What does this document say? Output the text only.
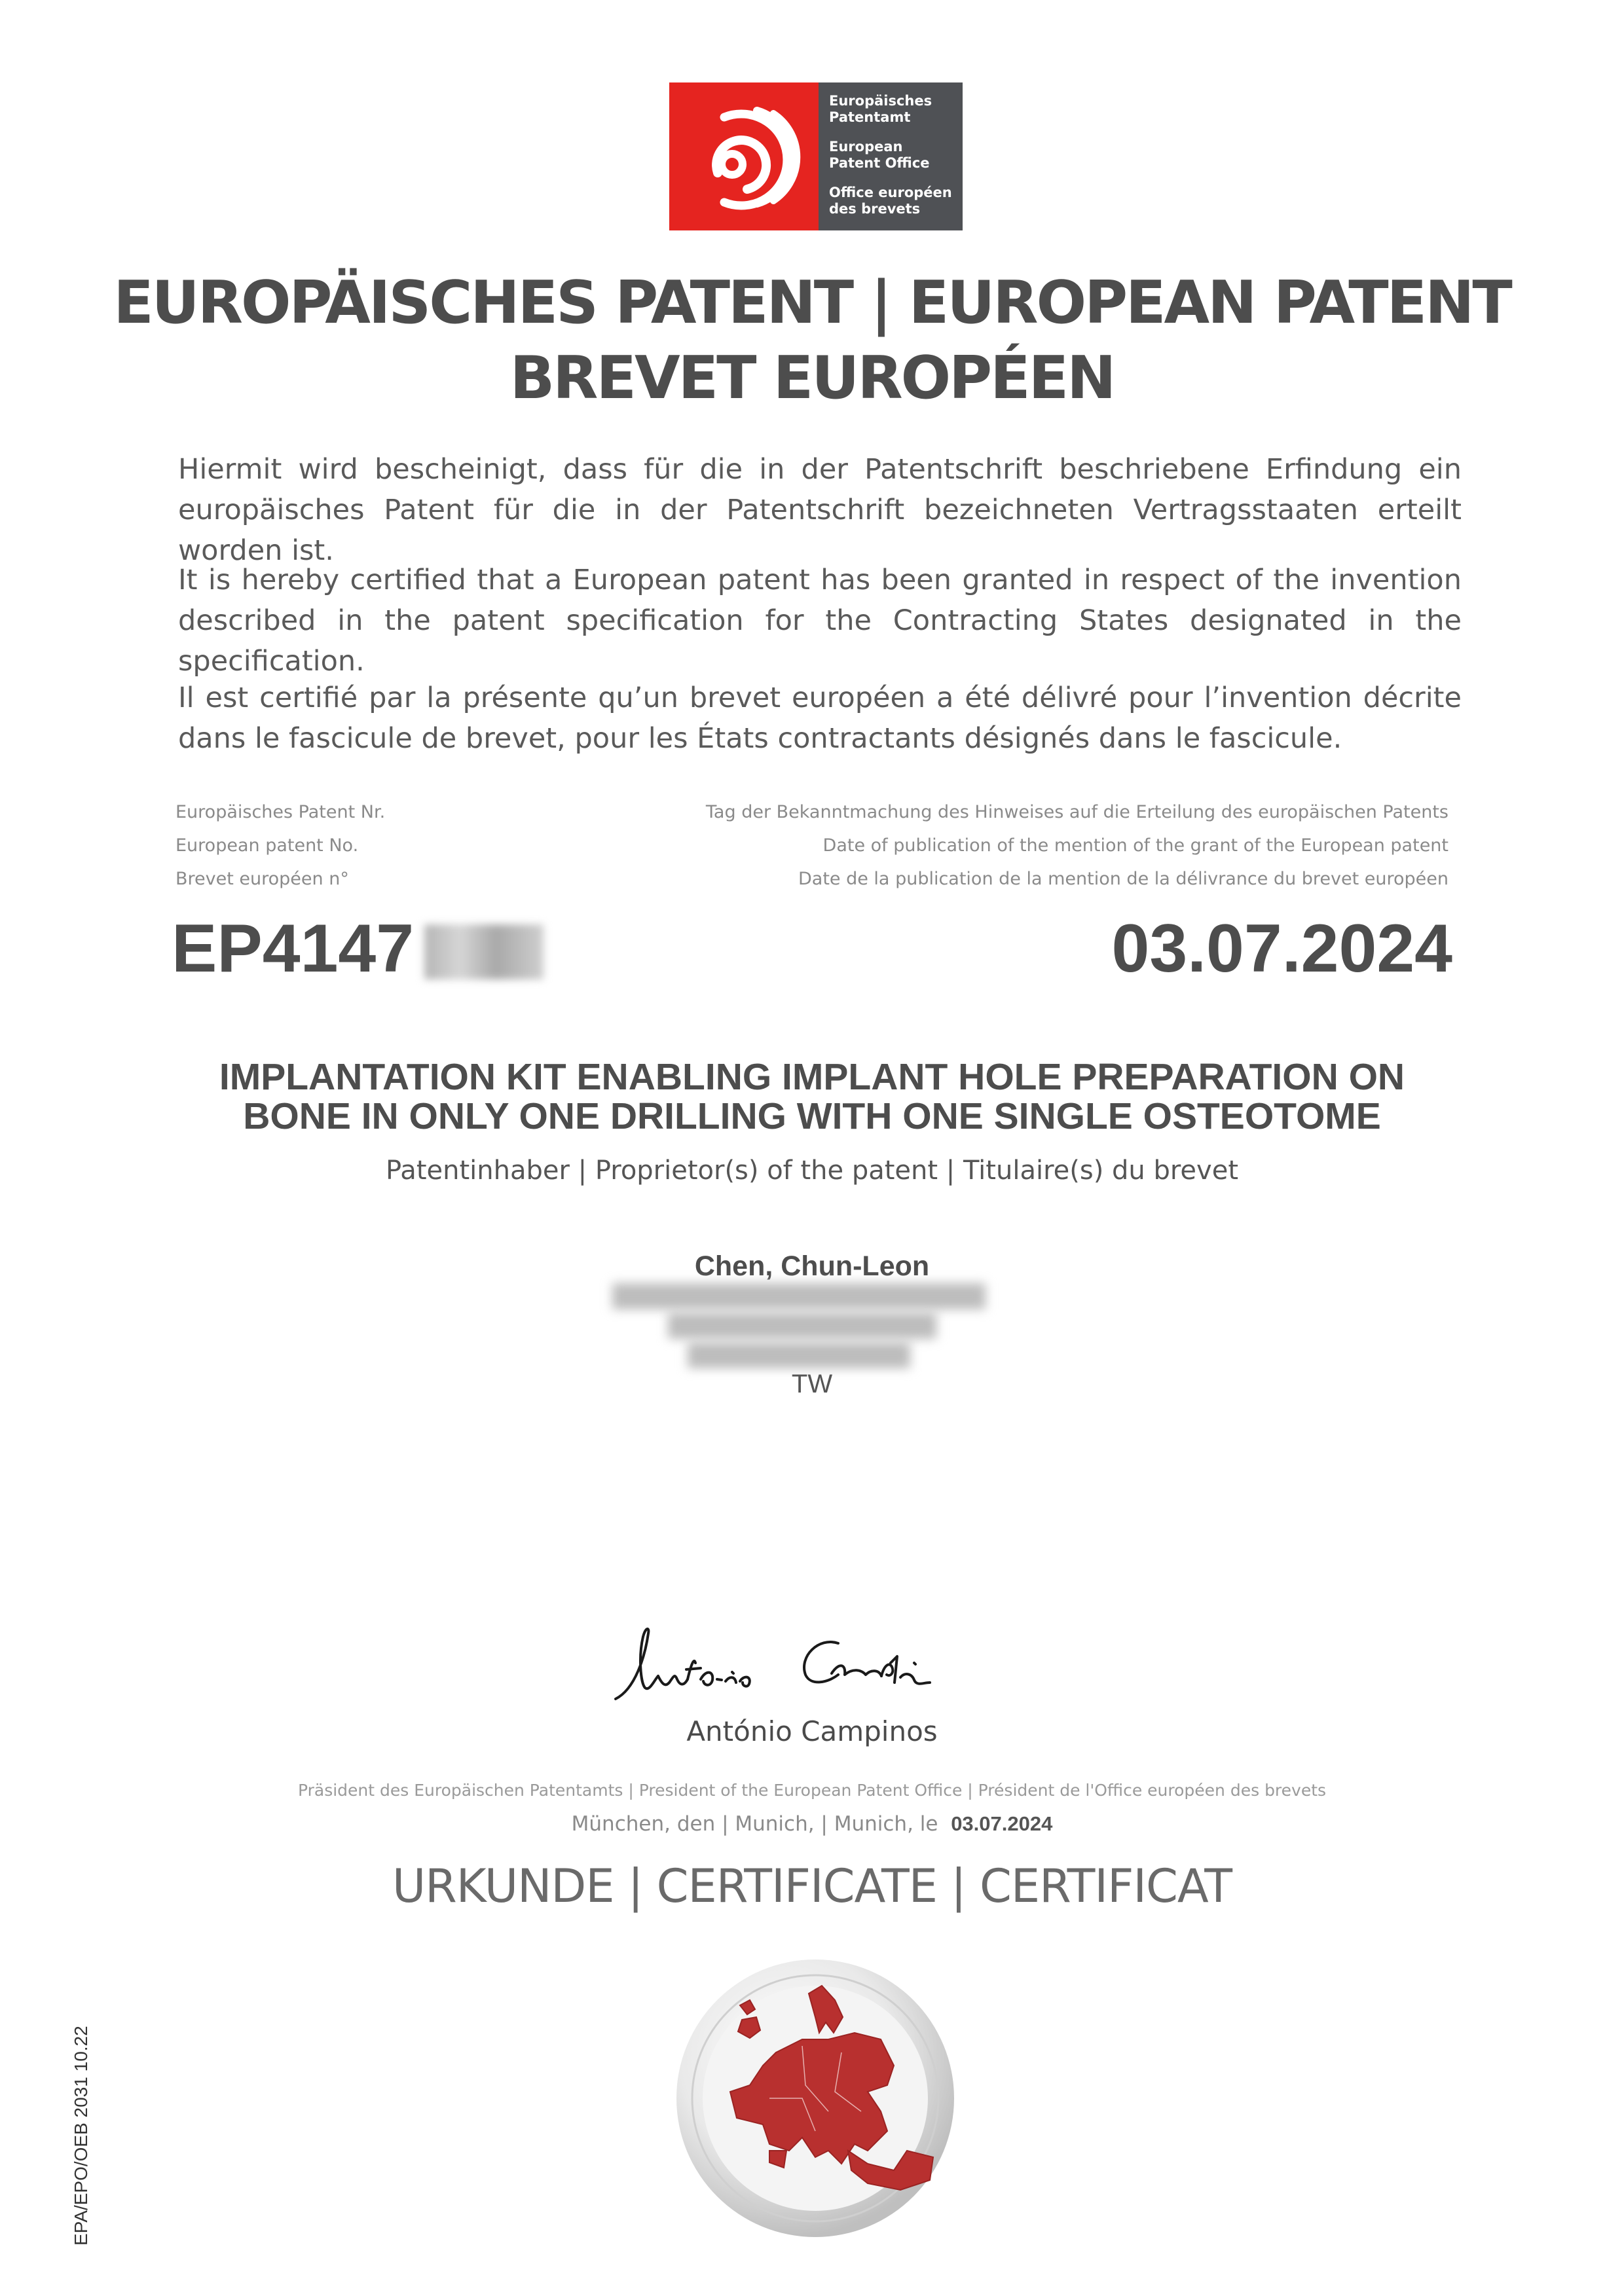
Europäisches
Patentamt
European
Patent Office
Office européen
des brevets
EUROPÄISCHES PATENT | EUROPEAN PATENT
BREVET EUROPÉEN
Hiermit wird bescheinigt, dass für die in der Patentschrift beschriebene Erfindung ein europäisches Patent für die in der Patentschrift bezeichneten Vertragsstaaten erteilt worden ist.
It is hereby certified that a European patent has been granted in respect of the invention described in the patent specification for the Contracting States designated in the specification.
Il est certifié par la présente qu’un brevet européen a été délivré pour l’invention décrite dans le fascicule de brevet, pour les États contractants désignés dans le fascicule.
Europäisches Patent Nr.
European patent No.
Brevet européen n°
Tag der Bekanntmachung des Hinweises auf die Erteilung des europäischen Patents
Date of publication of the mention of the grant of the European patent
Date de la publication de la mention de la délivrance du brevet européen
EP4147	03.07.2024
IMPLANTATION KIT ENABLING IMPLANT HOLE PREPARATION ON
BONE IN ONLY ONE DRILLING WITH ONE SINGLE OSTEOTOME
Patentinhaber | Proprietor(s) of the patent | Titulaire(s) du brevet
Chen, Chun-Leon
TW
António Campinos
Präsident des Europäischen Patentamts | President of the European Patent Office | Président de l'Office européen des brevets
München, den | Munich, | Munich, le 03.07.2024
URKUNDE | CERTIFICATE | CERTIFICAT
EPA/EPO/OEB 2031 10.22
